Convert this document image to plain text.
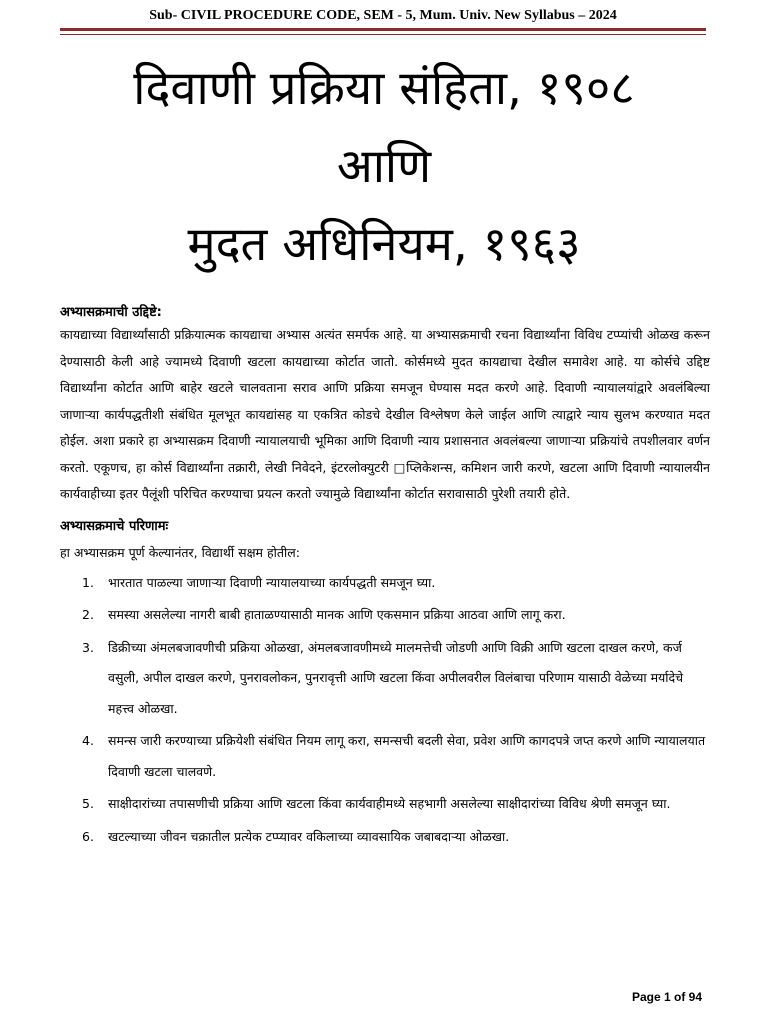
Sub- CIVIL PROCEDURE CODE, SEM - 5, Mum. Univ. New Syllabus – 2024
दिवाणी प्रक्रिया संहिता, १९०८
आणि
मुदत अधिनियम, १९६३

अभ्यासक्रमाची उद्दिष्टे:

कायद्याच्या विद्यार्थ्यांसाठी प्रक्रियात्मक कायद्याचा अभ्यास अत्यंत समर्पक आहे. या अभ्यासक्रमाची रचना विद्यार्थ्यांना विविध टप्प्यांची ओळख करून देण्यासाठी केली आहे ज्यामध्ये दिवाणी खटला कायद्याच्या कोर्टात जातो. कोर्समध्ये मुदत कायद्याचा देखील समावेश आहे. या कोर्सचे उद्दिष्ट विद्यार्थ्यांना कोर्टात आणि बाहेर खटले चालवताना सराव आणि प्रक्रिया समजून घेण्यास मदत करणे आहे. दिवाणी न्यायालयांद्वारे अवलंबिल्या जाणाऱ्या कार्यपद्धतीशी संबंधित मूलभूत कायद्यांसह या एकत्रित कोडचे देखील विश्लेषण केले जाईल आणि त्याद्वारे न्याय सुलभ करण्यात मदत होईल. अशा प्रकारे हा अभ्यासक्रम दिवाणी न्यायालयाची भूमिका आणि दिवाणी न्याय प्रशासनात अवलंबल्या जाणाऱ्या प्रक्रियांचे तपशीलवार वर्णन करतो. एकूणच, हा कोर्स विद्यार्थ्यांना तक्रारी, लेखी निवेदने, इंटरलोक्युटरी □प्लिकेशन्स, कमिशन जारी करणे, खटला आणि दिवाणी न्यायालयीन कार्यवाहीच्या इतर पैलूंशी परिचित करण्याचा प्रयत्न करतो ज्यामुळे विद्यार्थ्यांना कोर्टात सरावासाठी पुरेशी तयारी होते.

अभ्यासक्रमाचे परिणामः

हा अभ्यासक्रम पूर्ण केल्यानंतर, विद्यार्थी सक्षम होतील:

1. भारतात पाळल्या जाणाऱ्या दिवाणी न्यायालयाच्या कार्यपद्धती समजून घ्या.
2. समस्या असलेल्या नागरी बाबी हाताळण्यासाठी मानक आणि एकसमान प्रक्रिया आठवा आणि लागू करा.
3. डिक्रीच्या अंमलबजावणीची प्रक्रिया ओळखा, अंमलबजावणीमध्ये मालमत्तेची जोडणी आणि विक्री आणि खटला दाखल करणे, कर्ज वसुली, अपील दाखल करणे, पुनरावलोकन, पुनरावृत्ती आणि खटला किंवा अपीलवरील विलंबाचा परिणाम यासाठी वेळेच्या मर्यादेचे महत्त्व ओळखा.
4. समन्स जारी करण्याच्या प्रक्रियेशी संबंधित नियम लागू करा, समन्सची बदली सेवा, प्रवेश आणि कागदपत्रे जप्त करणे आणि न्यायालयात दिवाणी खटला चालवणे.
5. साक्षीदारांच्या तपासणीची प्रक्रिया आणि खटला किंवा कार्यवाहीमध्ये सहभागी असलेल्या साक्षीदारांच्या विविध श्रेणी समजून घ्या.
6. खटल्याच्या जीवन चक्रातील प्रत्येक टप्प्यावर वकिलाच्या व्यावसायिक जबाबदाऱ्या ओळखा.
Page 1 of 94
